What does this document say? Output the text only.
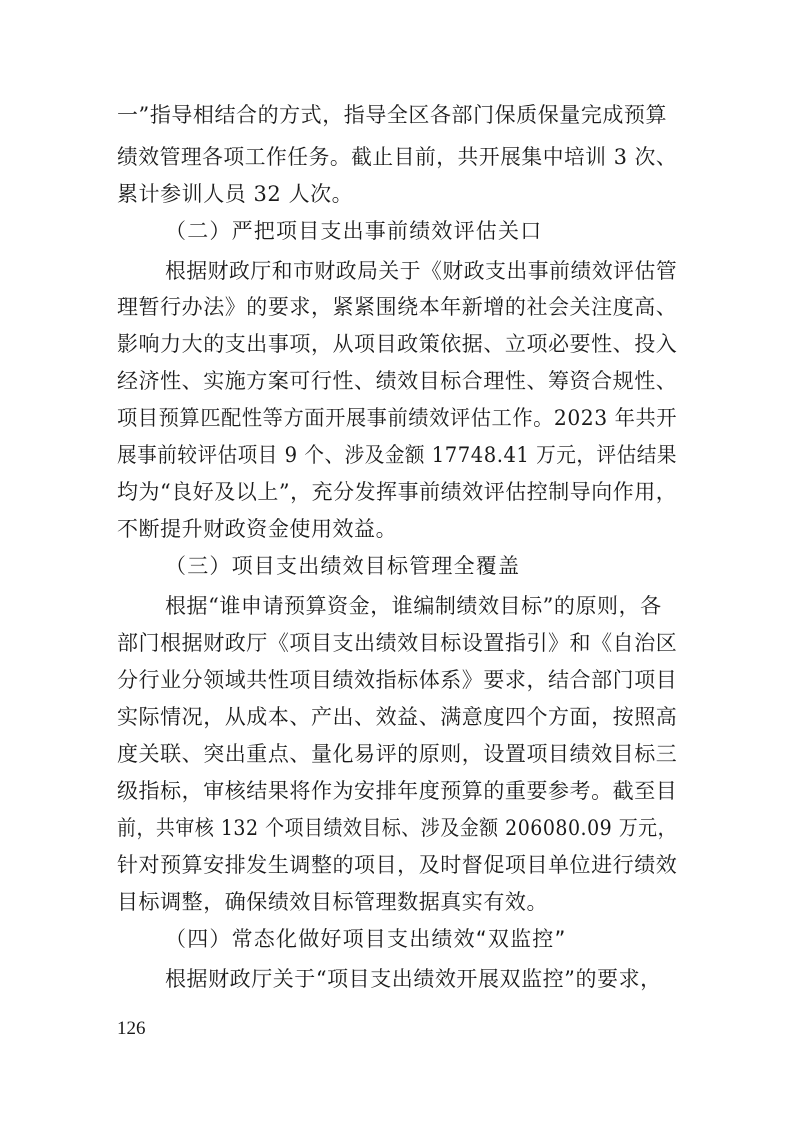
一”指导相结合的方式，指导全区各部门保质保量完成预算
绩效管理各项工作任务。截止目前，共开展集中培训 3 次、
累计参训人员 32 人次。
（二）严把项目支出事前绩效评估关口
根据财政厅和市财政局关于《财政支出事前绩效评估管
理暂行办法》的要求，紧紧围绕本年新增的社会关注度高、
影响力大的支出事项，从项目政策依据、立项必要性、投入
经济性、实施方案可行性、绩效目标合理性、筹资合规性、
项目预算匹配性等方面开展事前绩效评估工作。2023 年共开
展事前较评估项目 9 个、涉及金额 17748.41 万元，评估结果
均为“良好及以上”，充分发挥事前绩效评估控制导向作用，
不断提升财政资金使用效益。
（三）项目支出绩效目标管理全覆盖
根据“谁申请预算资金，谁编制绩效目标”的原则，各
部门根据财政厅《项目支出绩效目标设置指引》和《自治区
分行业分领域共性项目绩效指标体系》要求，结合部门项目
实际情况，从成本、产出、效益、满意度四个方面，按照高
度关联、突出重点、量化易评的原则，设置项目绩效目标三
级指标，审核结果将作为安排年度预算的重要参考。截至目
前，共审核 132 个项目绩效目标、涉及金额 206080.09 万元，
针对预算安排发生调整的项目，及时督促项目单位进行绩效
目标调整，确保绩效目标管理数据真实有效。
（四）常态化做好项目支出绩效“双监控”
根据财政厅关于“项目支出绩效开展双监控”的要求，
126
